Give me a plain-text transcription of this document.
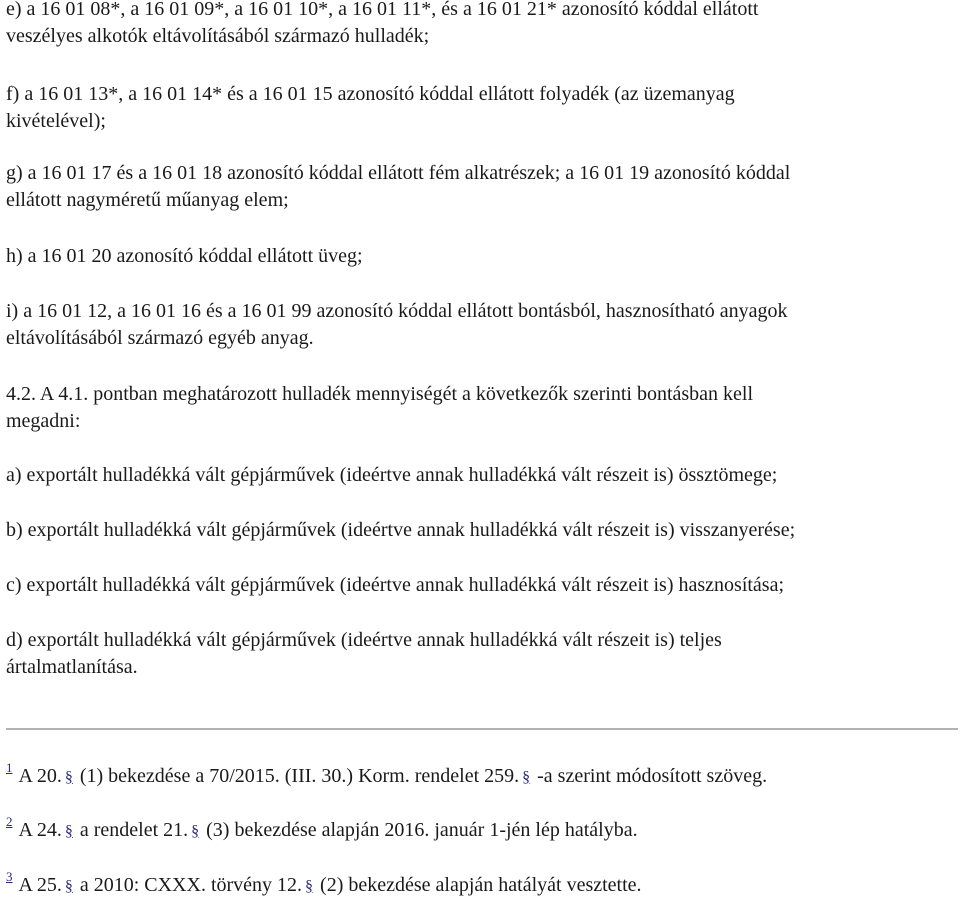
e) a 16 01 08*, a 16 01 09*, a 16 01 10*, a 16 01 11*, és a 16 01 21* azonosító kóddal ellátott
veszélyes alkotók eltávolításából származó hulladék;

f) a 16 01 13*, a 16 01 14* és a 16 01 15 azonosító kóddal ellátott folyadék (az üzemanyag
kivételével);

g) a 16 01 17 és a 16 01 18 azonosító kóddal ellátott fém alkatrészek; a 16 01 19 azonosító kóddal
ellátott nagyméretű műanyag elem;

h) a 16 01 20 azonosító kóddal ellátott üveg;

i) a 16 01 12, a 16 01 16 és a 16 01 99 azonosító kóddal ellátott bontásból, hasznosítható anyagok
eltávolításából származó egyéb anyag.

4.2. A 4.1. pontban meghatározott hulladék mennyiségét a következők szerinti bontásban kell
megadni:

a) exportált hulladékká vált gépjárművek (ideértve annak hulladékká vált részeit is) össztömege;

b) exportált hulladékká vált gépjárművek (ideértve annak hulladékká vált részeit is) visszanyerése;

c) exportált hulladékká vált gépjárművek (ideértve annak hulladékká vált részeit is) hasznosítása;

d) exportált hulladékká vált gépjárművek (ideértve annak hulladékká vált részeit is) teljes
ártalmatlanítása.

$^1$ A 20. § (1) bekezdése a 70/2015. (III. 30.) Korm. rendelet 259. § -a szerint módosított szöveg.

$^2$ A 24. § a rendelet 21. § (3) bekezdése alapján 2016. január 1-jén lép hatályba.

$^3$ A 25. § a 2010: CXXX. törvény 12. § (2) bekezdése alapján hatályát vesztette.
